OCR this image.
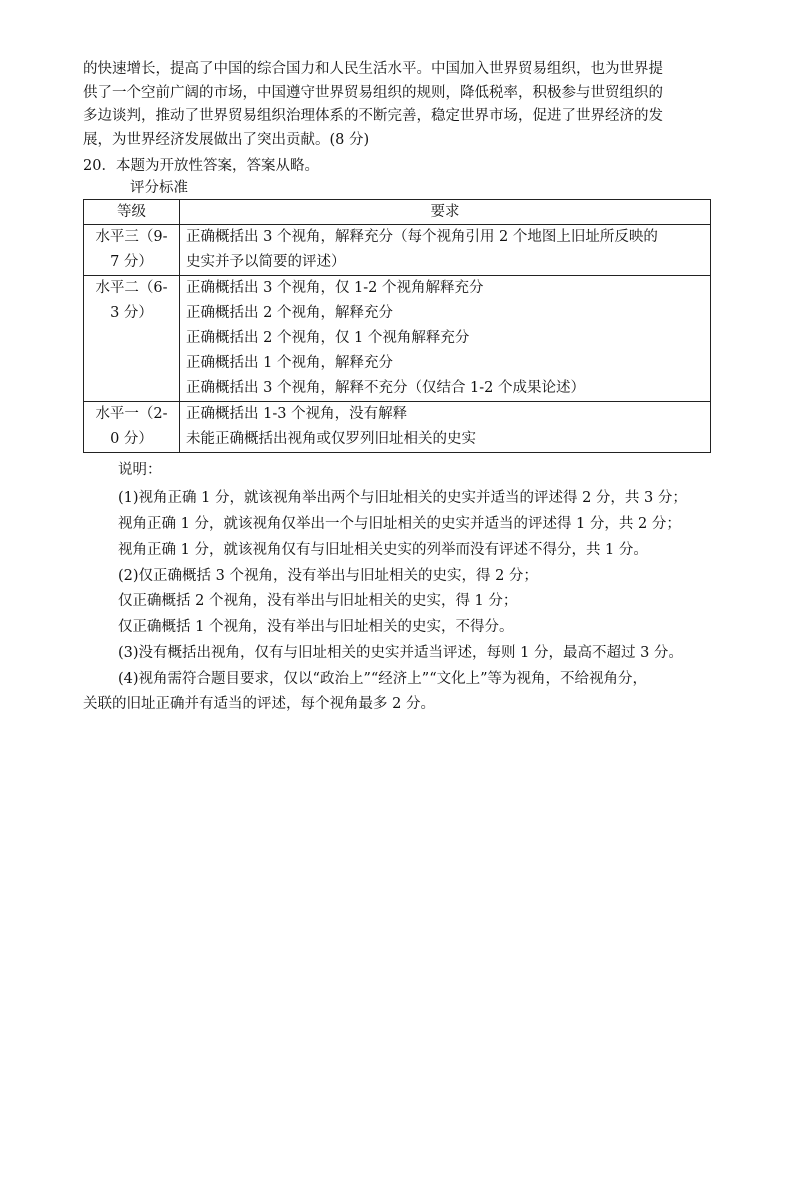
的快速增长，提高了中国的综合国力和人民生活水平。中国加入世界贸易组织，也为世界提
供了一个空前广阔的市场，中国遵守世界贸易组织的规则，降低税率，积极参与世贸组织的
多边谈判，推动了世界贸易组织治理体系的不断完善，稳定世界市场，促进了世界经济的发
展，为世界经济发展做出了突出贡献。(8 分)

20．本题为开放性答案，答案从略。
评分标准
等级	要求

水平三（9-
7 分）	正确概括出 3 个视角，解释充分（每个视角引用 2 个地图上旧址所反映的
史实并予以简要的评述）

水平二（6-
3 分）	正确概括出 3 个视角，仅 1-2 个视角解释充分
正确概括出 2 个视角，解释充分
正确概括出 2 个视角，仅 1 个视角解释充分
正确概括出 1 个视角，解释充分
正确概括出 3 个视角，解释不充分（仅结合 1-2 个成果论述）

水平一（2-
0 分）	正确概括出 1-3 个视角，没有解释
未能正确概括出视角或仅罗列旧址相关的史实
说明：
(1)视角正确 1 分，就该视角举出两个与旧址相关的史实并适当的评述得 2 分，共 3 分；
视角正确 1 分，就该视角仅举出一个与旧址相关的史实并适当的评述得 1 分，共 2 分；
视角正确 1 分，就该视角仅有与旧址相关史实的列举而没有评述不得分，共 1 分。
(2)仅正确概括 3 个视角，没有举出与旧址相关的史实，得 2 分；
仅正确概括 2 个视角，没有举出与旧址相关的史实，得 1 分；
仅正确概括 1 个视角，没有举出与旧址相关的史实，不得分。
(3)没有概括出视角，仅有与旧址相关的史实并适当评述，每则 1 分，最高不超过 3 分。
(4)视角需符合题目要求，仅以“政治上”“经济上”“文化上”等为视角，不给视角分，
关联的旧址正确并有适当的评述，每个视角最多 2 分。
